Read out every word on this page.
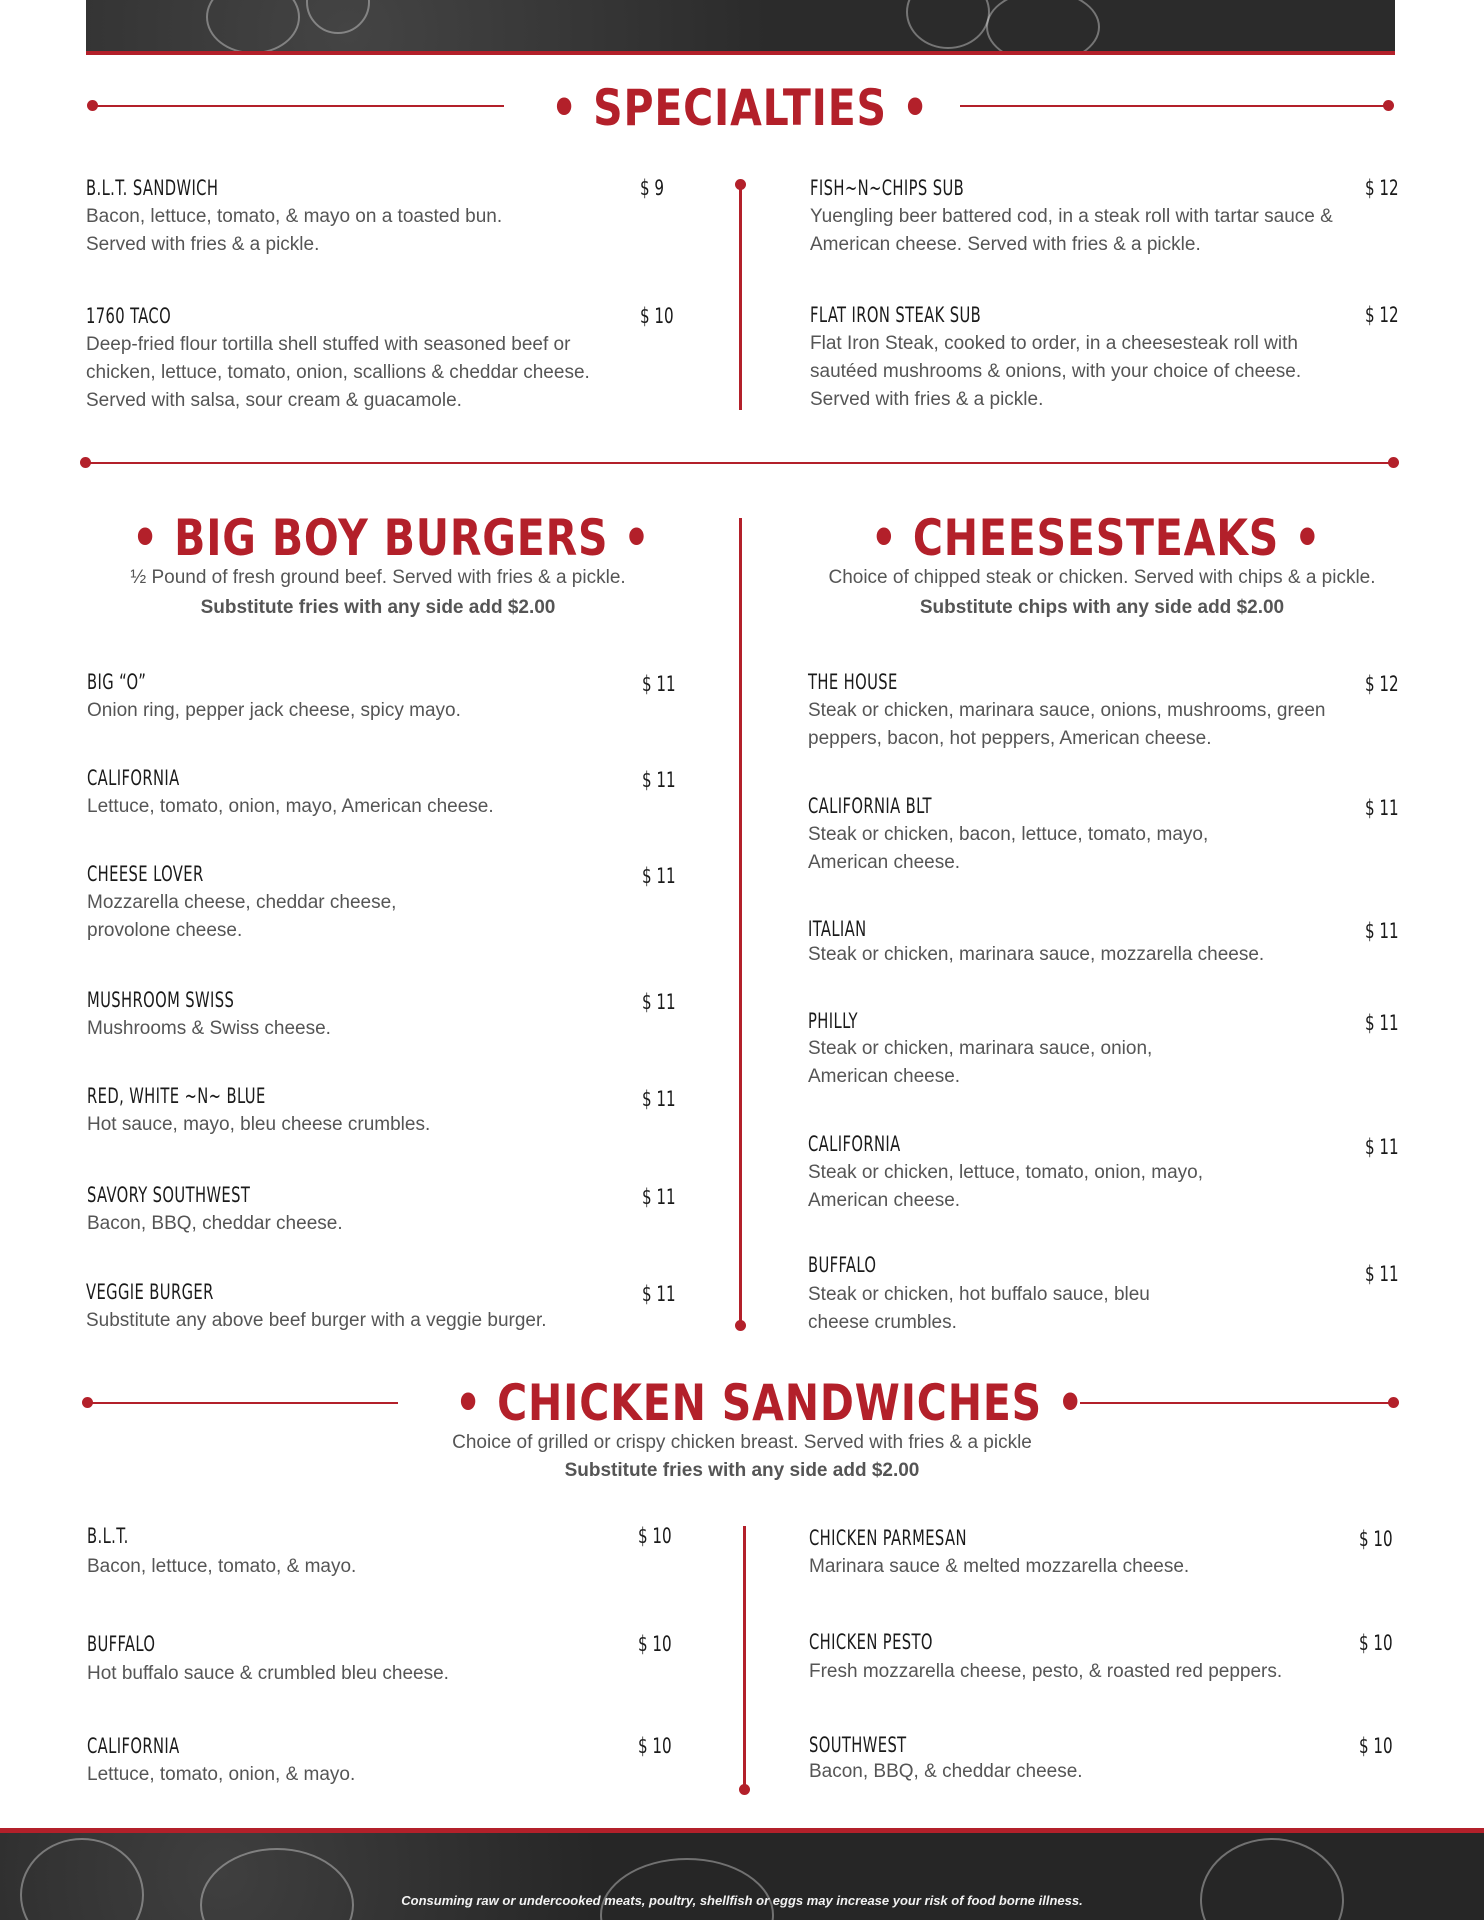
• SPECIALTIES •
B.L.T. SANDWICH	$ 9
Bacon, lettuce, tomato, & mayo on a toasted bun. Served with fries & a pickle.
1760 TACO	$ 10
Deep-fried flour tortilla shell stuffed with seasoned beef or chicken, lettuce, tomato, onion, scallions & cheddar cheese. Served with salsa, sour cream & guacamole.
FISH~N~CHIPS SUB	$ 12
Yuengling beer battered cod, in a steak roll with tartar sauce & American cheese. Served with fries & a pickle.
FLAT IRON STEAK SUB	$ 12
Flat Iron Steak, cooked to order, in a cheesesteak roll with sautéed mushrooms & onions, with your choice of cheese. Served with fries & a pickle.
• BIG BOY BURGERS •
½ Pound of fresh ground beef. Served with fries & a pickle.
Substitute fries with any side add $2.00
BIG “O”	$ 11
Onion ring, pepper jack cheese, spicy mayo.
CALIFORNIA	$ 11
Lettuce, tomato, onion, mayo, American cheese.
CHEESE LOVER	$ 11
Mozzarella cheese, cheddar cheese, provolone cheese.
MUSHROOM SWISS	$ 11
Mushrooms & Swiss cheese.
RED, WHITE ~N~ BLUE	$ 11
Hot sauce, mayo, bleu cheese crumbles.
SAVORY SOUTHWEST	$ 11
Bacon, BBQ, cheddar cheese.
VEGGIE BURGER	$ 11
Substitute any above beef burger with a veggie burger.
• CHEESESTEAKS •
Choice of chipped steak or chicken. Served with chips & a pickle.
Substitute chips with any side add $2.00
THE HOUSE	$ 12
Steak or chicken, marinara sauce, onions, mushrooms, green peppers, bacon, hot peppers, American cheese.
CALIFORNIA BLT	$ 11
Steak or chicken, bacon, lettuce, tomato, mayo, American cheese.
ITALIAN	$ 11
Steak or chicken, marinara sauce, mozzarella cheese.
PHILLY	$ 11
Steak or chicken, marinara sauce, onion, American cheese.
CALIFORNIA	$ 11
Steak or chicken, lettuce, tomato, onion, mayo, American cheese.
BUFFALO	$ 11
Steak or chicken, hot buffalo sauce, bleu cheese crumbles.
• CHICKEN SANDWICHES •
Choice of grilled or crispy chicken breast. Served with fries & a pickle
Substitute fries with any side add $2.00
B.L.T.	$ 10
Bacon, lettuce, tomato, & mayo.
BUFFALO	$ 10
Hot buffalo sauce & crumbled bleu cheese.
CALIFORNIA	$ 10
Lettuce, tomato, onion, & mayo.
CHICKEN PARMESAN	$ 10
Marinara sauce & melted mozzarella cheese.
CHICKEN PESTO	$ 10
Fresh mozzarella cheese, pesto, & roasted red peppers.
SOUTHWEST	$ 10
Bacon, BBQ, & cheddar cheese.
Consuming raw or undercooked meats, poultry, shellfish or eggs may increase your risk of food borne illness.
